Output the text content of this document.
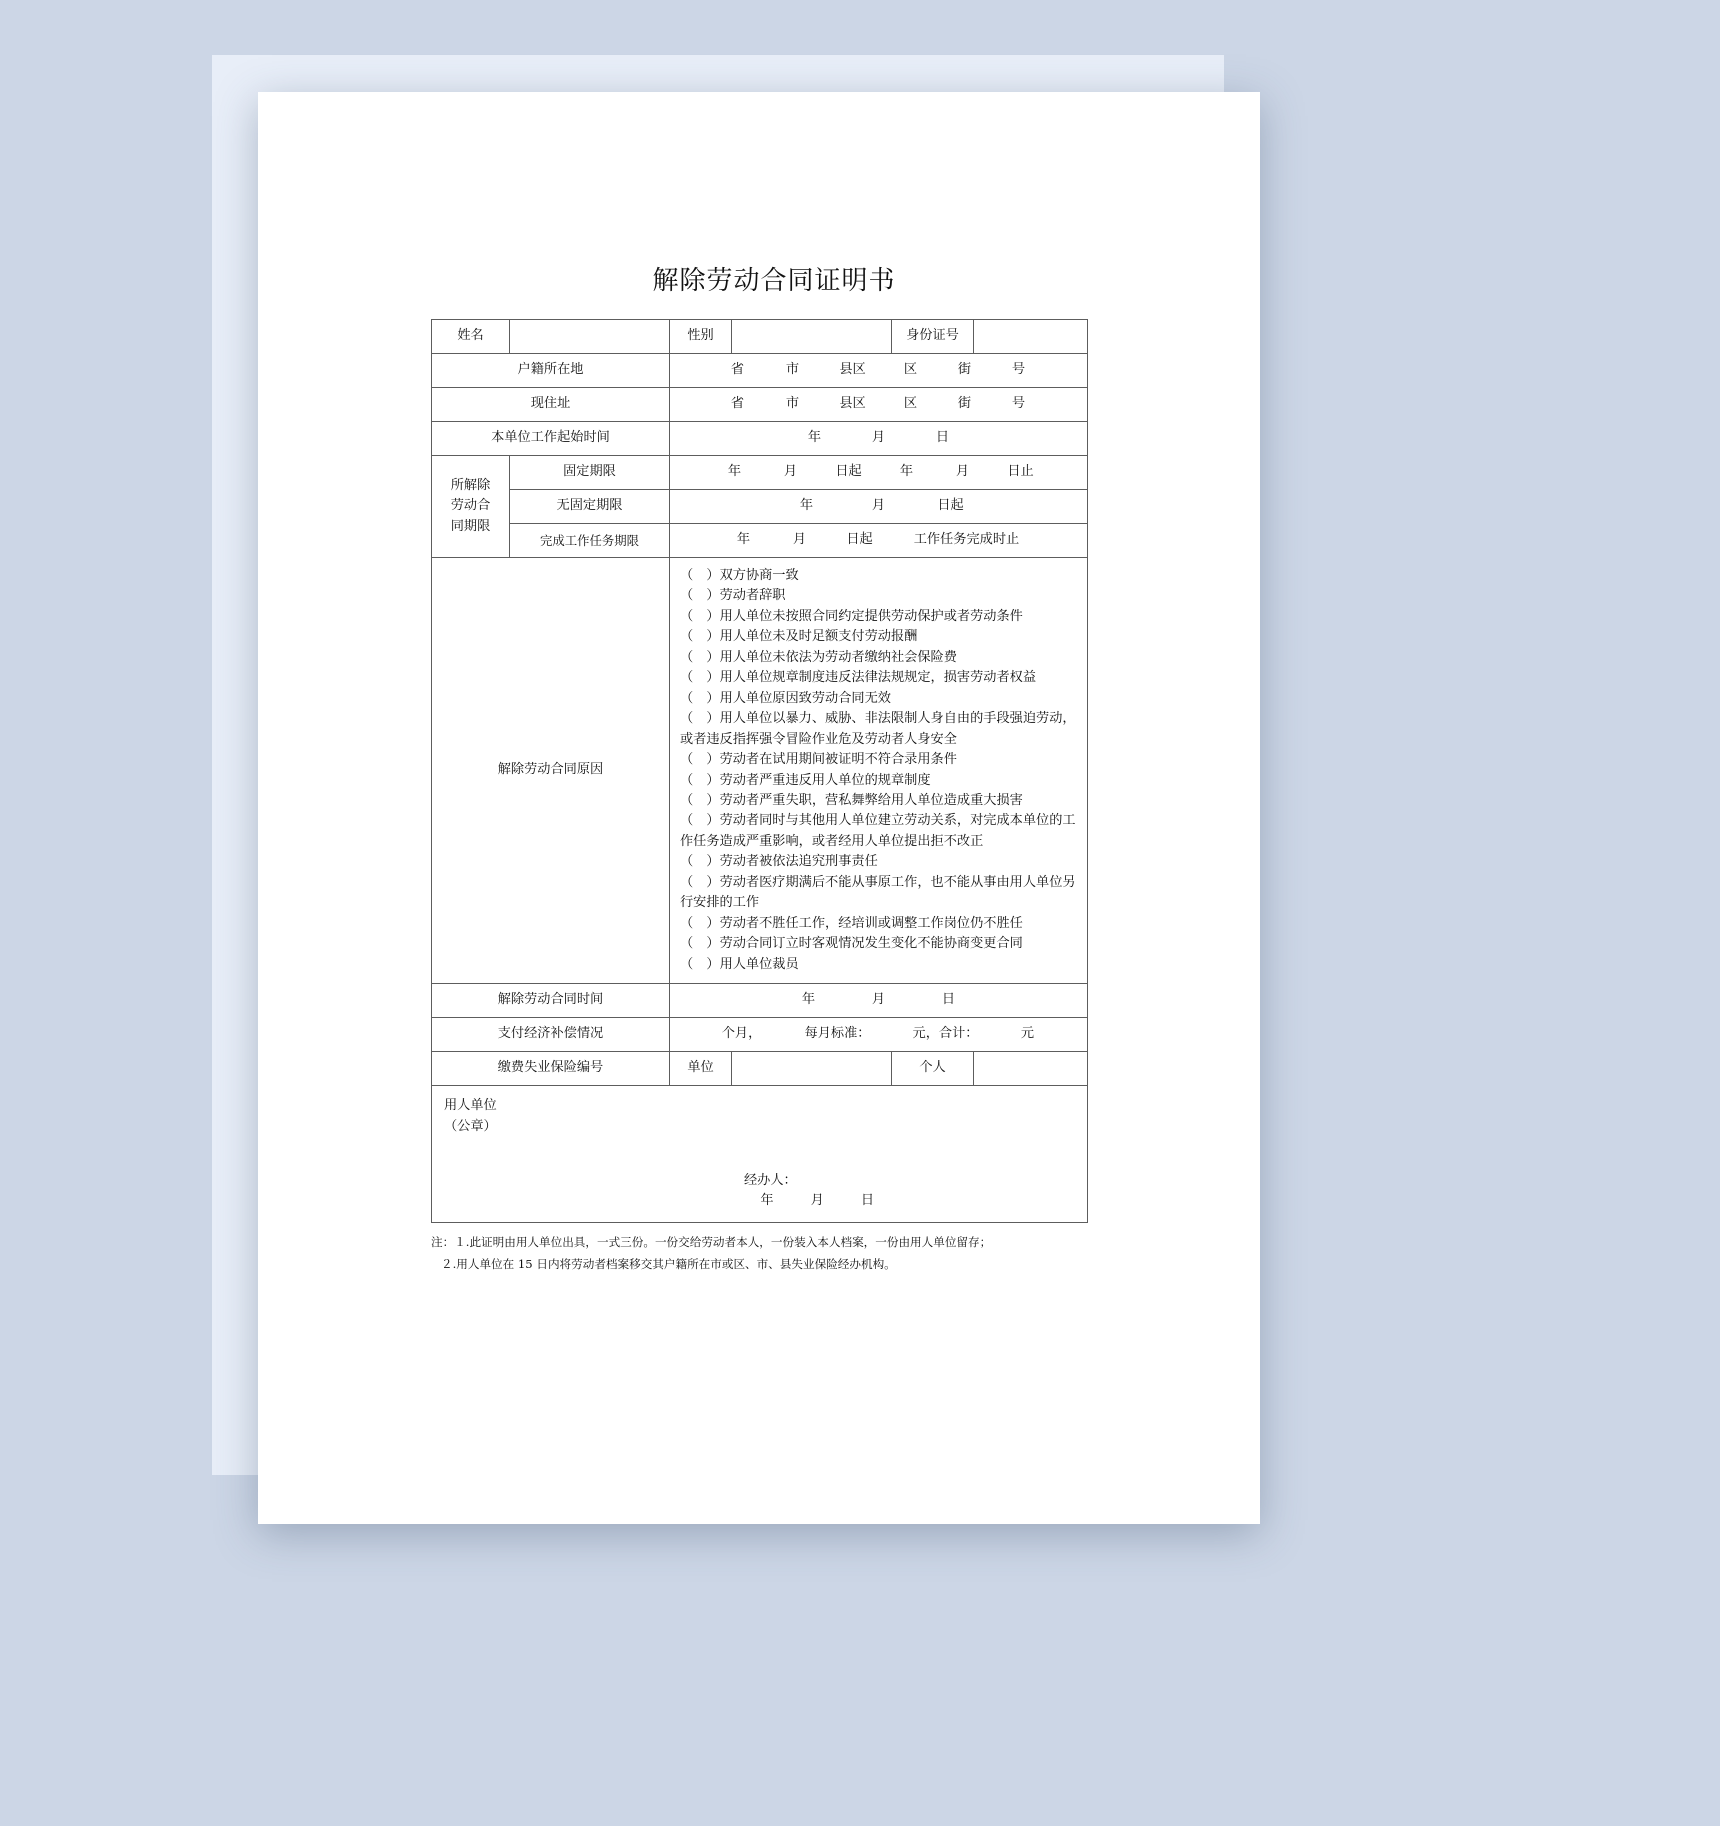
解除劳动合同证明书
姓名		性别		身份证号	
户籍所在地	省	市	县区	区	街	号

现住址	省	市	县区	区	街	号

本单位工作起始时间		年 月 日			

所解除
劳动合
同期限
	固定期限	年	月	日起	年	月	日止

	无固定期限	年 月 日起			

	完成工作任务期限	年 月 日起 工作任务完成时止			

解除劳动合同原因	
（　）双方协商一致
（　）劳动者辞职
（　）用人单位未按照合同约定提供劳动保护或者劳动条件
（　）用人单位未及时足额支付劳动报酬
（　）用人单位未依法为劳动者缴纳社会保险费
（　）用人单位规章制度违反法律法规规定，损害劳动者权益
（　）用人单位原因致劳动合同无效
（　）用人单位以暴力、威胁、非法限制人身自由的手段强迫劳动，
或者违反指挥强令冒险作业危及劳动者人身安全
（　）劳动者在试用期间被证明不符合录用条件
（　）劳动者严重违反用人单位的规章制度
（　）劳动者严重失职，营私舞弊给用人单位造成重大损害
（　）劳动者同时与其他用人单位建立劳动关系，对完成本单位的工
作任务造成严重影响，或者经用人单位提出拒不改正
（　）劳动者被依法追究刑事责任
（　）劳动者医疗期满后不能从事原工作，也不能从事由用人单位另
行安排的工作
（　）劳动者不胜任工作，经培训或调整工作岗位仍不胜任
（　）劳动合同订立时客观情况发生变化不能协商变更合同
（　）用人单位裁员

解除劳动合同时间		年 月 日			

支付经济补偿情况		个月， 每月标准： 元，合计： 元			

缴费失业保险编号		单位		个人	

用人单位
（公章）
经办人：
年 月 日					
注：１.此证明由用人单位出具，一式三份。一份交给劳动者本人，一份装入本人档案，一份由用人单位留存；
２.用人单位在 15 日内将劳动者档案移交其户籍所在市或区、市、县失业保险经办机构。
